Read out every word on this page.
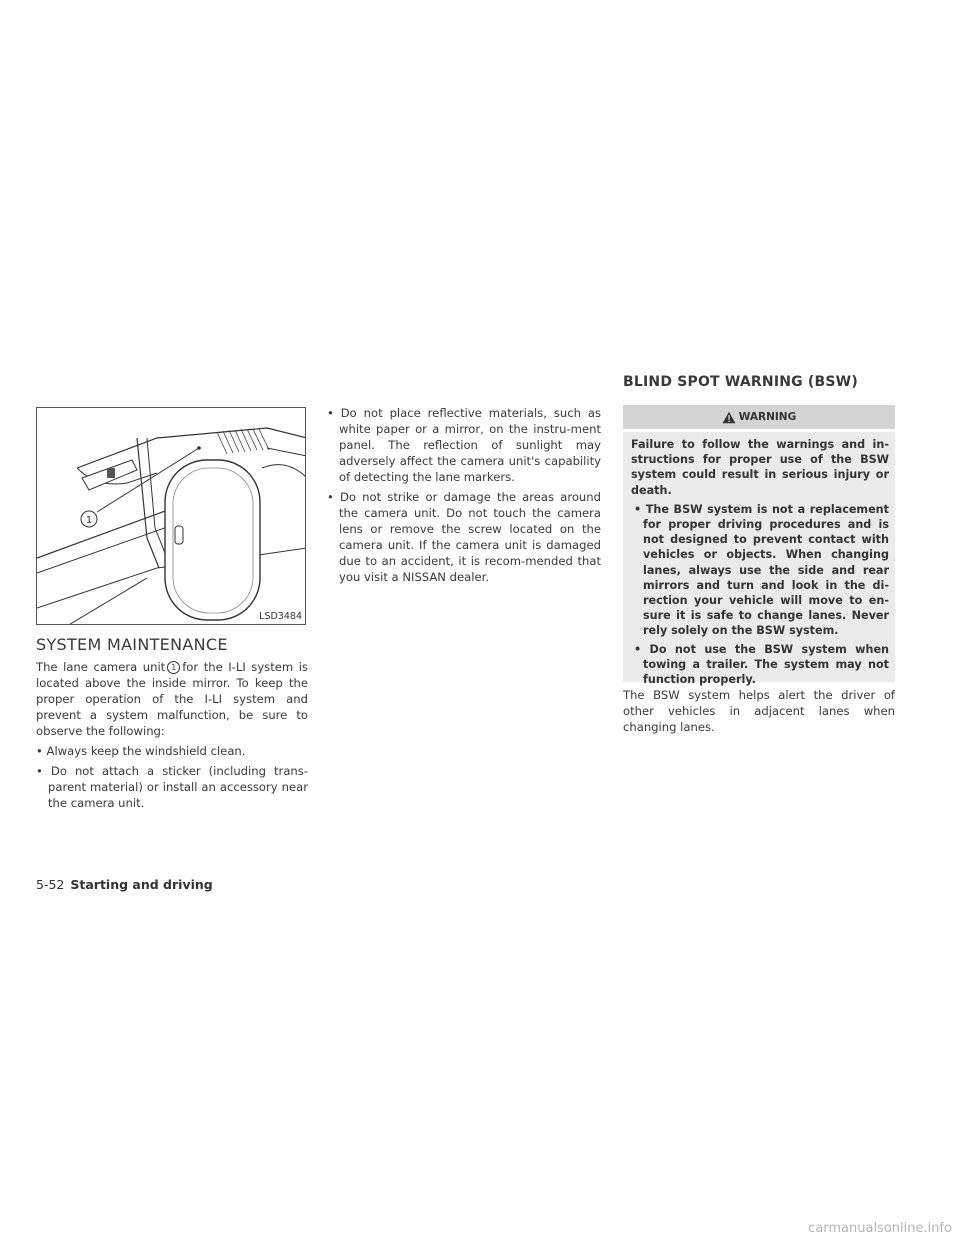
1
LSD3484
SYSTEM MAINTENANCE

The lane camera unit 1 for the I-LI system is located above the inside mirror. To keep the proper operation of the I-LI system and prevent a system malfunction, be sure to observe the following:

• Always keep the windshield clean.

• Do not attach a sticker (including trans-parent material) or install an accessory near the camera unit.

• Do not place reflective materials, such as white paper or a mirror, on the instru-ment panel. The reflection of sunlight may adversely affect the camera unit's capability of detecting the lane markers.

• Do not strike or damage the areas around the camera unit. Do not touch the camera lens or remove the screw located on the camera unit. If the camera unit is damaged due to an accident, it is recom-mended that you visit a NISSAN dealer.

BLIND SPOT WARNING (BSW)
WARNING

Failure to follow the warnings and in-structions for proper use of the BSW system could result in serious injury or death.

• The BSW system is not a replacement for proper driving procedures and is not designed to prevent contact with vehicles or objects. When changing lanes, always use the side and rear mirrors and turn and look in the di-rection your vehicle will move to en-sure it is safe to change lanes. Never rely solely on the BSW system.

• Do not use the BSW system when towing a trailer. The system may not function properly.

The BSW system helps alert the driver of other vehicles in adjacent lanes when changing lanes.

5-52 Starting and driving
carmanualsonline.info
